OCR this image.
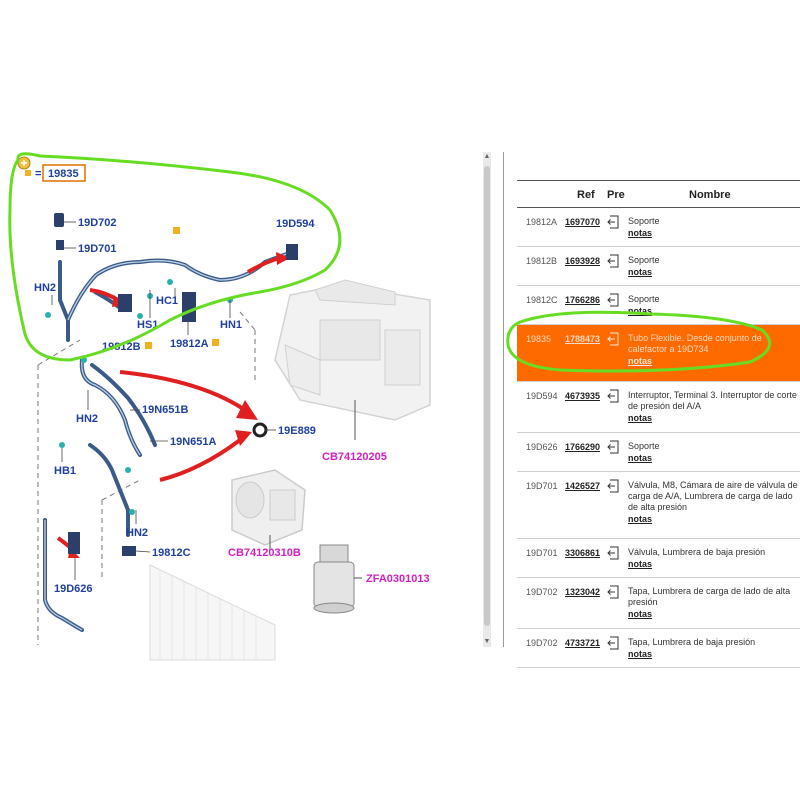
= 19835
19D702
19D701
19D594
HN2
HS1
HC1
HN1
19812B	19812A
HN2
19N651B
19N651A
19E889
HB1
HN2
19812C
19D626
CB74120205
CB74120310B
ZFA0301013
▲
▼
Ref Pre	Nombre
19812A 1697070	Soporte
notas
19812B 1693928	Soporte
notas
19812C 1766286	Soporte
notas
19835 1788473	Tubo Flexible. Desde conjunto de calefactor a 19D734
notas
19D594 4673935	Interruptor, Terminal 3. Interruptor de corte de presión del A/A
notas
19D626 1766290	Soporte
notas
19D701 1426527	Válvula, M8, Cámara de aire de válvula de carga de A/A, Lumbrera de carga de lado de alta presión
notas
19D701 3306861	Válvula, Lumbrera de baja presión
notas
19D702 1323042	Tapa, Lumbrera de carga de lado de alta presión
notas
19D702 4733721	Tapa, Lumbrera de baja presión
notas
